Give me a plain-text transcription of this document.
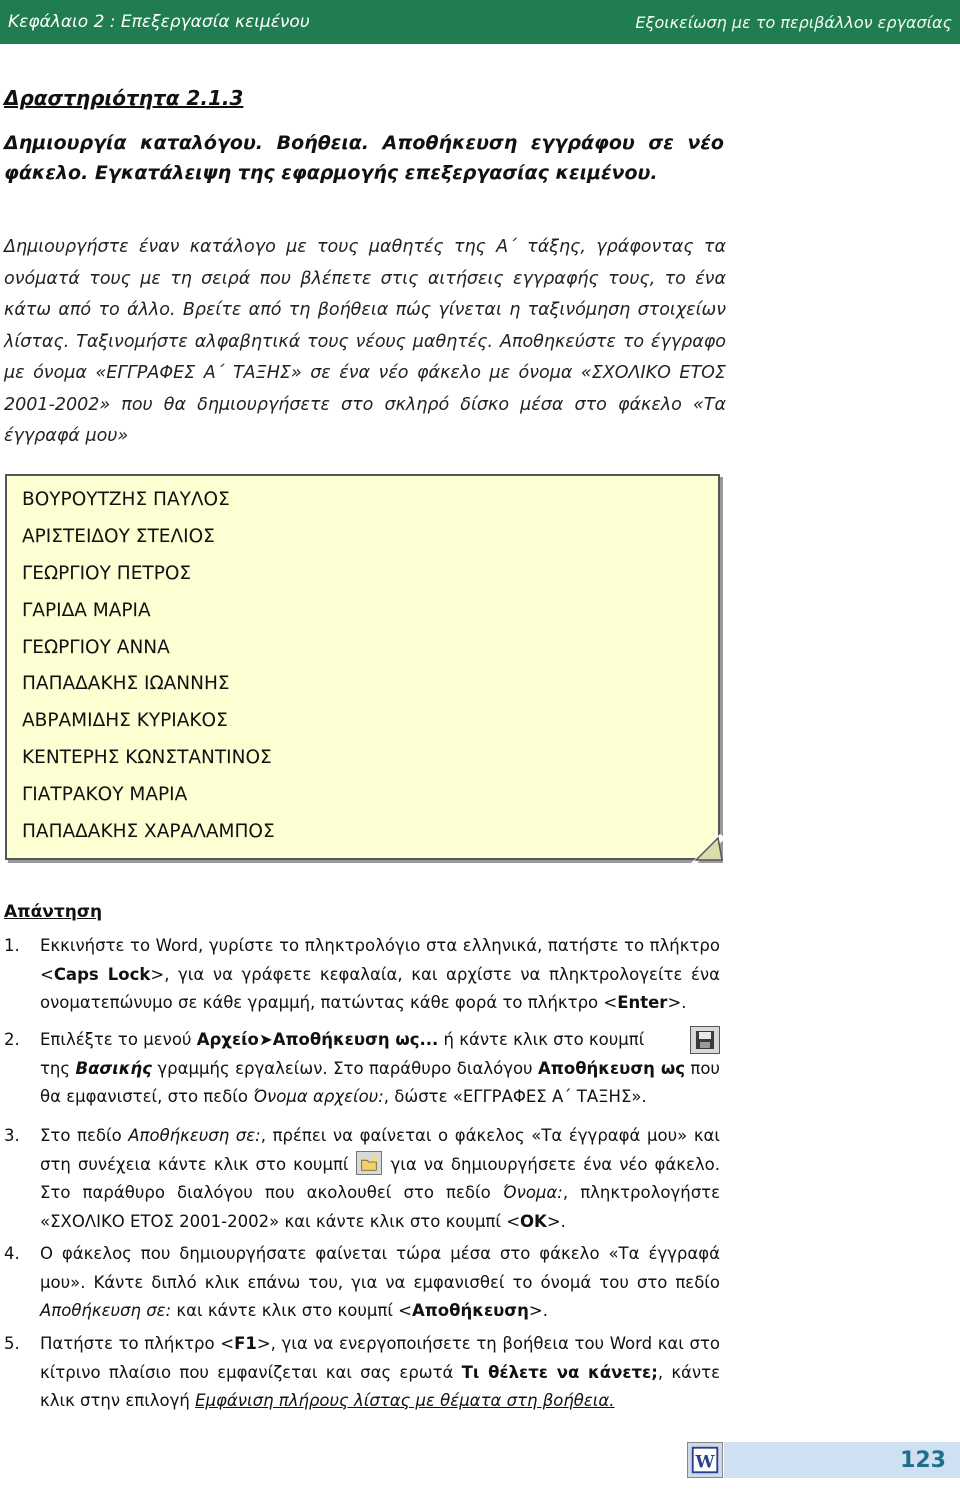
Κεφάλαιο 2 : Επεξεργασία κειμένου	Εξοικείωση με το περιβάλλον εργασίας
Δραστηριότητα 2.1.3

Δημιουργία καταλόγου. Βοήθεια. Αποθήκευση εγγράφου σε νέο φάκελο. Εγκατάλειψη της εφαρμογής επεξεργασίας κειμένου.

Δημιουργήστε έναν κατάλογο με τους μαθητές της Α΄ τάξης, γράφοντας τα ονόματά τους με τη σειρά που βλέπετε στις αιτήσεις εγγραφής τους, το ένα κάτω από το άλλο. Βρείτε από τη βοήθεια πώς γίνεται η ταξινόμηση στοιχείων λίστας. Ταξινομήστε αλφαβητικά τους νέους μαθητές. Αποθηκεύστε το έγγραφο με όνομα «ΕΓΓΡΑΦΕΣ Α΄ ΤΑΞΗΣ» σε ένα νέο φάκελο με όνομα «ΣΧΟΛΙΚΟ ΕΤΟΣ 2001-2002» που θα δημιουργήσετε στο σκληρό δίσκο μέσα στο φάκελο «Τα έγγραφά μου»

ΒΟΥΡΟΥΤΖΗΣ ΠΑΥΛΟΣ
ΑΡΙΣΤΕΙΔΟΥ ΣΤΕΛΙΟΣ
ΓΕΩΡΓΙΟΥ ΠΕΤΡΟΣ
ΓΑΡΙΔΑ ΜΑΡΙΑ
ΓΕΩΡΓΙΟΥ ΑΝΝΑ
ΠΑΠΑΔΑΚΗΣ ΙΩΑΝΝΗΣ
ΑΒΡΑΜΙΔΗΣ ΚΥΡΙΑΚΟΣ
ΚΕΝΤΕΡΗΣ ΚΩΝΣΤΑΝΤΙΝΟΣ
ΓΙΑΤΡΑΚΟΥ ΜΑΡΙΑ
ΠΑΠΑΔΑΚΗΣ ΧΑΡΑΛΑΜΠΟΣ
Απάντηση
1. Εκκινήστε το Word, γυρίστε το πληκτρολόγιο στα ελληνικά, πατήστε το πλήκτρο <Caps Lock>, για να γράφετε κεφαλαία, και αρχίστε να πληκτρολογείτε ένα ονοματεπώνυμο σε κάθε γραμμή, πατώντας κάθε φορά το πλήκτρο <Enter>.

2. Επιλέξτε το μενού Αρχείο➤Αποθήκευση ως... ή κάντε κλικ στο κουμπί
της Βασικής γραμμής εργαλείων. Στο παράθυρο διαλόγου Αποθήκευση ως που θα εμφανιστεί, στο πεδίο Όνομα αρχείου:, δώστε «ΕΓΓΡΑΦΕΣ Α΄ ΤΑΞΗΣ».

3. Στο πεδίο Αποθήκευση σε:, πρέπει να φαίνεται ο φάκελος «Τα έγγραφά μου» και στη συνέχεια κάντε κλικ στο κουμπί	για να δημιουργήσετε ένα νέο φάκελο. Στο παράθυρο διαλόγου που ακολουθεί στο πεδίο Όνομα:, πληκτρολογήστε «ΣΧΟΛΙΚΟ ΕΤΟΣ 2001-2002» και κάντε κλικ στο κουμπί <ΟΚ>.

4. Ο φάκελος που δημιουργήσατε φαίνεται τώρα μέσα στο φάκελο «Τα έγγραφά μου». Κάντε διπλό κλικ επάνω του, για να εμφανισθεί το όνομά του στο πεδίο Αποθήκευση σε: και κάντε κλικ στο κουμπί <Αποθήκευση>.

5. Πατήστε το πλήκτρο <F1>, για να ενεργοποιήσετε τη βοήθεια του Word και στο κίτρινο πλαίσιο που εμφανίζεται και σας ερωτά Τι θέλετε να κάνετε;, κάντε κλικ στην επιλογή Εμφάνιση πλήρους λίστας με θέματα στη βοήθεια.

W	123
